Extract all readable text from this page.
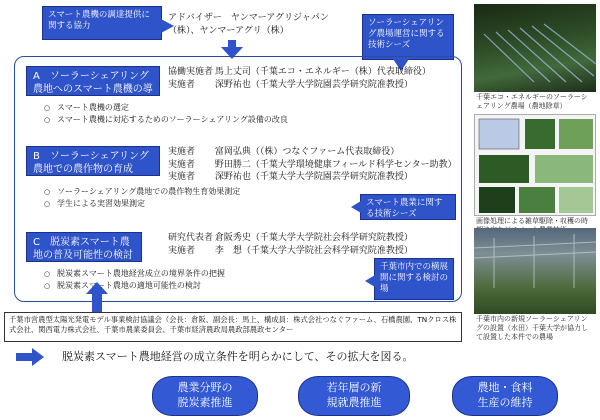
スマート農機の調達提供に関する協力
アドバイザー　ヤンマーアグリジャパン
（株）、ヤンマーアグリ（株）
ソーラーシェアリング農場運営に関する技術シーズ
A　ソーラーシェアリング農地へのスマート農機の導入
協働実施者 馬上丈司（千葉エコ・エネルギー（株）代表取締役）
実施者 深野祐也（千葉大学大学院園芸学研究院准教授）
○ スマート農機の選定
○ スマート農機に対応するためのソーラーシェアリング設備の改良
B　ソーラーシェアリング農地での農作物の育成
実施者 富岡弘典（（株）つなぐファーム代表取締役）
実施者 野田勝二（千葉大学環境健康フィールド科学センター助教）
実施者 深野祐也（千葉大学大学院園芸学研究院准教授）
○ ソーラーシェアリング農地での農作物生育効果測定
○ 学生による実習効果測定	スマート農業に関する技術シーズ
C　脱炭素スマート農地の普及可能性の検討
研究代表者 倉阪秀史（千葉大学大学院社会科学研究院教授）
実施者 李　想（千葉大学大学院社会科学研究院准教授）
○ 脱炭素スマート農地経営成立の境界条件の把握
○ 脱炭素スマート農地の適地可能性の検討
千葉市内での横展開に関する検討の場
千葉市営農型太陽光発電モデル事業検討協議会（会長：倉阪、副会長：馬上、構成員：株式会社つなぐファーム、石橋農園、TNクロス株式会社、関西電力株式会社、千葉市農業委員会、千葉市経済農政局農政部農政センター
脱炭素スマート農地経営の成立条件を明らかにして、その拡大を図る。
農業分野の
脱炭素推進
若年層の新
規就農推進
農地・食料
生産の維持
千葉エコ・エネルギーのソーラーシェアリング農場（農地除草）
画像処理による雑草駆除・収穫の時
千葉市内の新規ソーラーシェアリングの設置（水田）千葉大学が協力して設置した本件での農場
